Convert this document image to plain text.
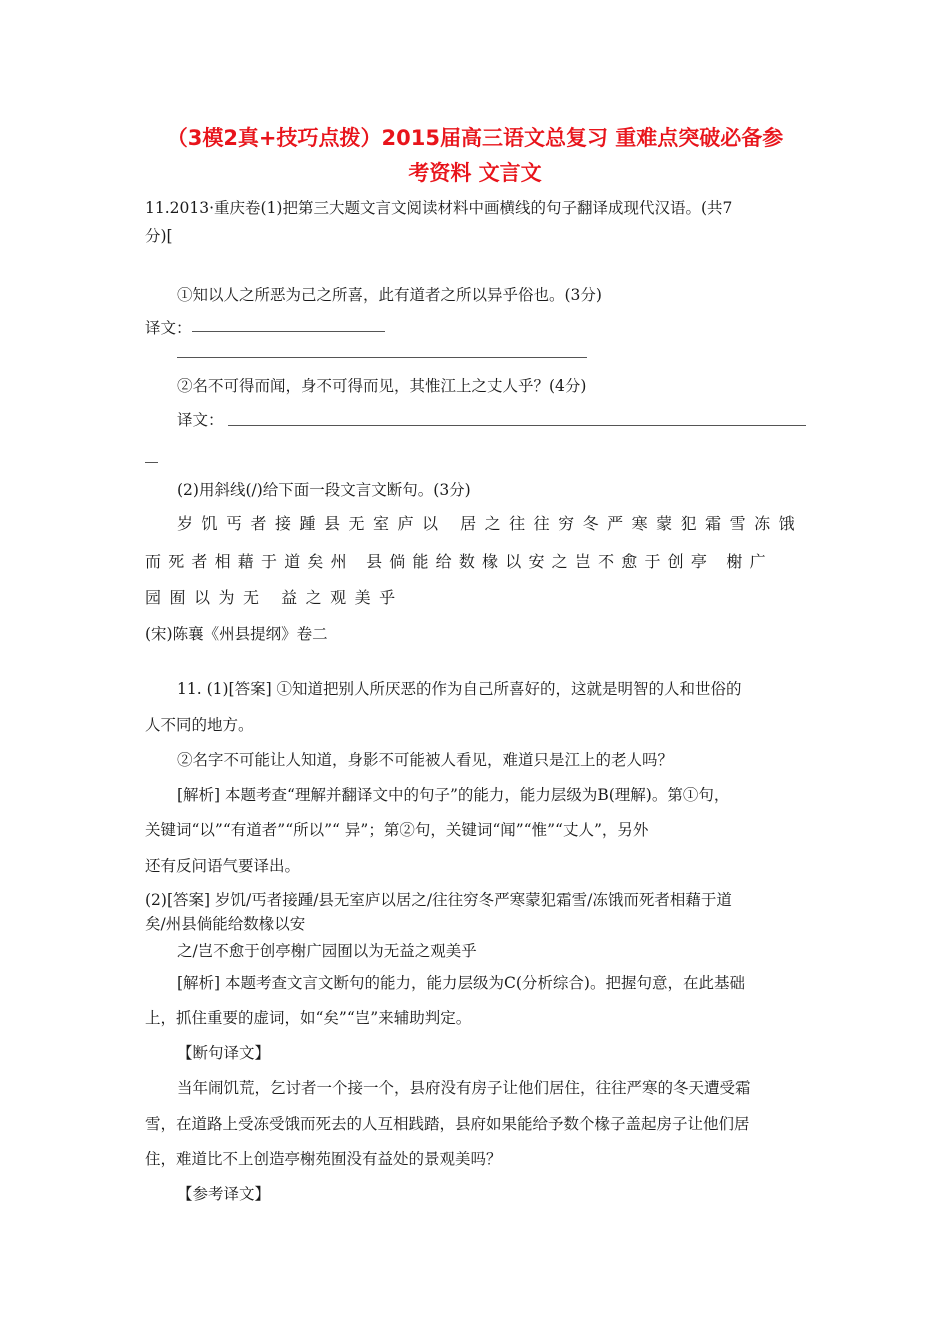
（3模2真+技巧点拨）2015届高三语文总复习 重难点突破必备参
考资料 文言文
11.2013·重庆卷(1)把第三大题文言文阅读材料中画横线的句子翻译成现代汉语。(共7
分)[
①知以人之所恶为己之所喜，此有道者之所以异乎俗也。(3分)
译文：
②名不可得而闻，身不可得而见，其惟江上之丈人乎？(4分)
译文：
(2)用斜线(/)给下面一段文言文断句。(3分)
岁饥丐者接踵县无室庐以 居之往往穷冬严寒蒙犯霜雪冻饿
而死者相藉于道矣州 县倘能给数椽以安之岂不愈于创亭 榭广
园囿以为无 益之观美乎
(宋)陈襄《州县提纲》卷二
11. (1)[答案] ①知道把别人所厌恶的作为自己所喜好的，这就是明智的人和世俗的
人不同的地方。
②名字不可能让人知道，身影不可能被人看见，难道只是江上的老人吗？
[解析] 本题考查“理解并翻译文中的句子”的能力，能力层级为B(理解)。第①句，
关键词“以”“有道者”“所以”“ 异”；第②句，关键词“闻”“惟”“丈人”，另外
还有反问语气要译出。
(2)[答案] 岁饥/丐者接踵/县无室庐以居之/往往穷冬严寒蒙犯霜雪/冻饿而死者相藉于道
矣/州县倘能给数椽以安
之/岂不愈于创亭榭广园囿以为无益之观美乎
[解析] 本题考查文言文断句的能力，能力层级为C(分析综合)。把握句意，在此基础
上，抓住重要的虚词，如“矣”“岂”来辅助判定。
【断句译文】
当年闹饥荒，乞讨者一个接一个，县府没有房子让他们居住，往往严寒的冬天遭受霜
雪，在道路上受冻受饿而死去的人互相践踏，县府如果能给予数个椽子盖起房子让他们居
住，难道比不上创造亭榭苑囿没有益处的景观美吗？
【参考译文】
